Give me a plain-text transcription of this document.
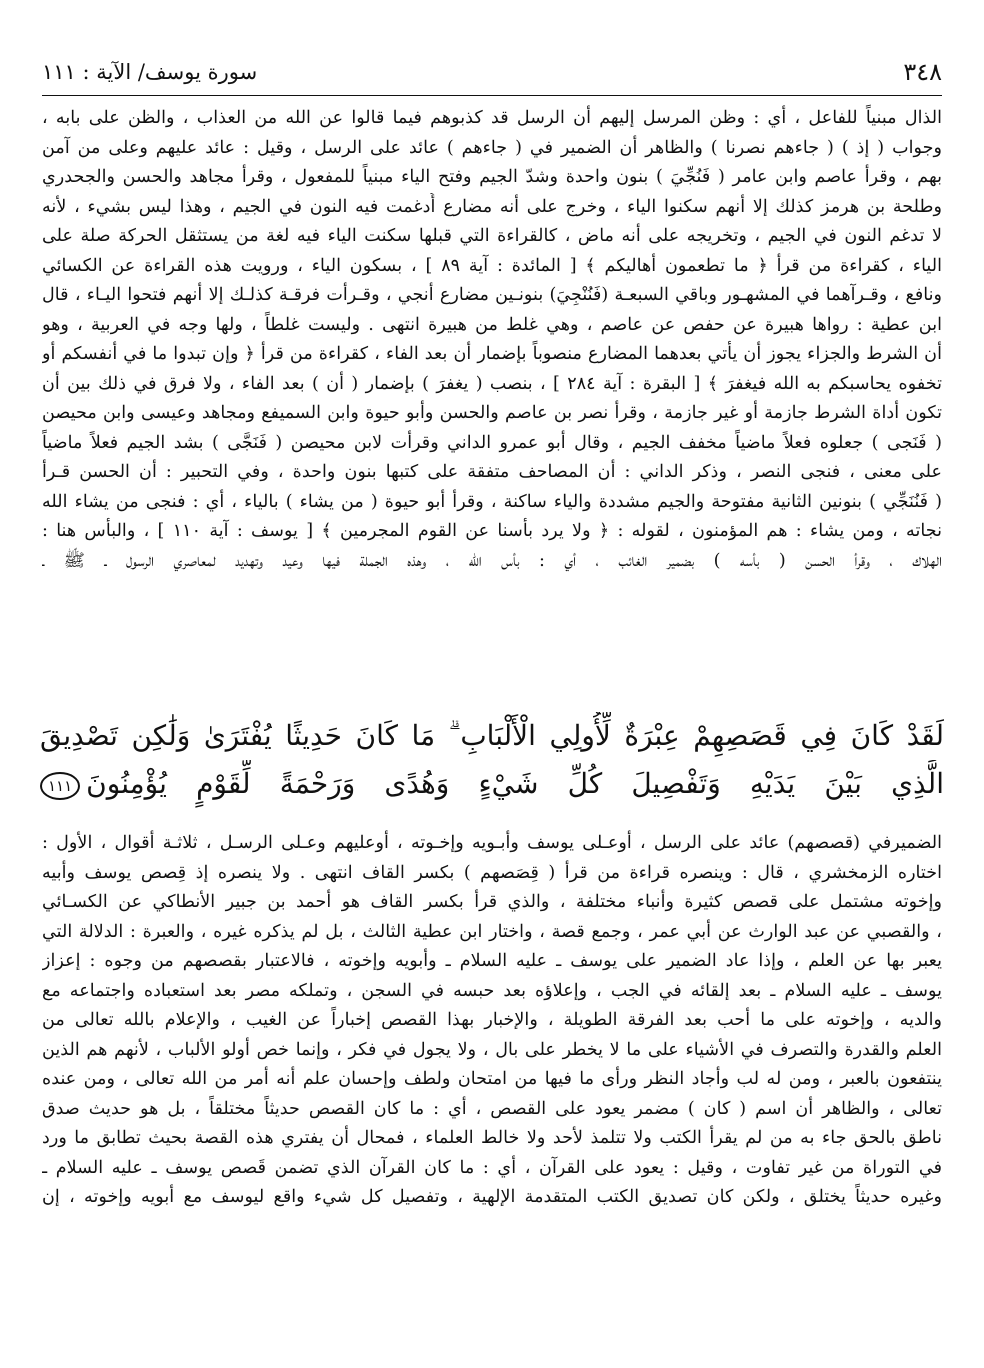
٣٤٨
سورة يوسف/ الآية : ١١١
الذال مبنياً للفاعل ، أي : وظن المرسل إليهم أن الرسل قد كذبوهم فيما قالوا عن الله من العذاب ، والظن على بابه ،
وجواب ( إذ ) ( جاءهم نصرنا ) والظاهر أن الضمير في ( جاءهم ) عائد على الرسل ، وقيل : عائد عليهم وعلى من آمن
بهم ، وقرأ عاصم وابن عامر ( فَنُجِّيَ ) بنون واحدة وشدّ الجيم وفتح الياء مبنياً للمفعول ، وقرأ مجاهد والحسن والجحدري
وطلحة بن هرمز كذلك إلا أنهم سكنوا الياء ، وخرج على أنه مضارع أُدغمت فيه النون في الجيم ، وهذا ليس بشيء ، لأنه
لا تدغم النون في الجيم ، وتخريجه على أنه ماض ، كالقراءة التي قبلها سكنت الياء فيه لغة من يستثقل الحركة صلة على
الياء ، كقراءة من قرأ ﴿ ما تطعمون أهاليكم ﴾ [ المائدة : آية ٨٩ ] ، بسكون الياء ، ورويت هذه القراءة عن الكسائي
ونافع ، وقـرآهما في المشهـور وباقي السبعـة (فَنُنْجِيَ) بنونـين مضارع أنجي ، وقـرأت فرقـة كذلـك إلا أنهم فتحوا اليـاء ، قال
ابن عطية : رواها هبيرة عن حفص عن عاصم ، وهي غلط من هبيرة انتهى . وليست غلطاً ، ولها وجه في العربية ، وهو
أن الشرط والجزاء يجوز أن يأتي بعدهما المضارع منصوباً بإضمار أن بعد الفاء ، كقراءة من قرأ ﴿ وإن تبدوا ما في أنفسكم أو
تخفوه يحاسبكم به الله فيغفرَ ﴾ [ البقرة : آية ٢٨٤ ] ، بنصب ( يغفرَ ) بإضمار ( أن ) بعد الفاء ، ولا فرق في ذلك بين أن
تكون أداة الشرط جازمة أو غير جازمة ، وقرأ نصر بن عاصم والحسن وأبو حيوة وابن السميفع ومجاهد وعيسى وابن محيصن
( فَنَجى ) جعلوه فعلاً ماضياً مخفف الجيم ، وقال أبو عمرو الداني وقرأت لابن محيصن ( فَنَجَّى ) بشد الجيم فعلاً ماضياً
على معنى ، فنجى النصر ، وذكر الداني : أن المصاحف متفقة على كتبها بنون واحدة ، وفي التحبير : أن الحسن قـرأ
( فَنُنَجِّي ) بنونين الثانية مفتوحة والجيم مشددة والياء ساكنة ، وقرأ أبو حيوة ( من يشاء ) بالياء ، أي : فنجى من يشاء الله
نجاته ، ومن يشاء : هم المؤمنون ، لقوله : ﴿ ولا يرد بأسنا عن القوم المجرمين ﴾ [ يوسف : آية ١١٠ ] ، والبأس هنا :
الهلاك ، وقرأ الحسن ( بأسه ) بضمير الغائب ، أي : بأس الله ، وهذه الجملة فيها وعيد وتهديد لمعاصري الرسول ـ ﷺ ـ
لَقَدْ كَانَ فِي قَصَصِهِمْ عِبْرَةٌ لِّأُولِي الْأَلْبَابِ ۗ مَا كَانَ حَدِيثًا يُفْتَرَىٰ وَلَٰكِن تَصْدِيقَ
الَّذِي بَيْنَ يَدَيْهِ وَتَفْصِيلَ كُلِّ شَيْءٍ وَهُدًى وَرَحْمَةً لِّقَوْمٍ يُؤْمِنُونَ١١١
الضميرفي (قصصهم) عائد على الرسل ، أوعـلى يوسف وأبـويه وإخـوته ، أوعليهم وعـلى الرسـل ، ثلاثـة أقوال ، الأول :
اختاره الزمخشري ، قال : وينصره قراءة من قرأ ( قِصَصهم ) بكسر القاف انتهى . ولا ينصره إذ قِصص يوسف وأبيه
وإخوته مشتمل على قصص كثيرة وأنباء مختلفة ، والذي قرأ بكسر القاف هو أحمد بن جبير الأنطاكي عن الكسـائي
، والقصبي عن عبد الوارث عن أبي عمر ، وجمع قصة ، واختار ابن عطية الثالث ، بل لم يذكره غيره ، والعبرة : الدلالة التي
يعبر بها عن العلم ، وإذا عاد الضمير على يوسف ـ عليه السلام ـ وأبويه وإخوته ، فالاعتبار بقصصهم من وجوه : إعزاز
يوسف ـ عليه السلام ـ بعد إلقائه في الجب ، وإعلاؤه بعد حبسه في السجن ، وتملكه مصر بعد استعباده واجتماعه مع
والديه ، وإخوته على ما أحب بعد الفرقة الطويلة ، والإخبار بهذا القصص إخباراً عن الغيب ، والإعلام بالله تعالى من
العلم والقدرة والتصرف في الأشياء على ما لا يخطر على بال ، ولا يجول في فكر ، وإنما خص أولو الألباب ، لأنهم هم الذين
ينتفعون بالعبر ، ومن له لب وأجاد النظر ورأى ما فيها من امتحان ولطف وإحسان علم أنه أمر من الله تعالى ، ومن عنده
تعالى ، والظاهر أن اسم ( كان ) مضمر يعود على القصص ، أي : ما كان القصص حديثاً مختلقاً ، بل هو حديث صدق
ناطق بالحق جاء به من لم يقرأ الكتب ولا تتلمذ لأحد ولا خالط العلماء ، فمحال أن يفتري هذه القصة بحيث تطابق ما ورد
في التوراة من غير تفاوت ، وقيل : يعود على القرآن ، أي : ما كان القرآن الذي تضمن قَصص يوسف ـ عليه السلام ـ
وغيره حديثاً يختلق ، ولكن كان تصديق الكتب المتقدمة الإلهية ، وتفصيل كل شيء واقع ليوسف مع أبويه وإخوته ، إن
